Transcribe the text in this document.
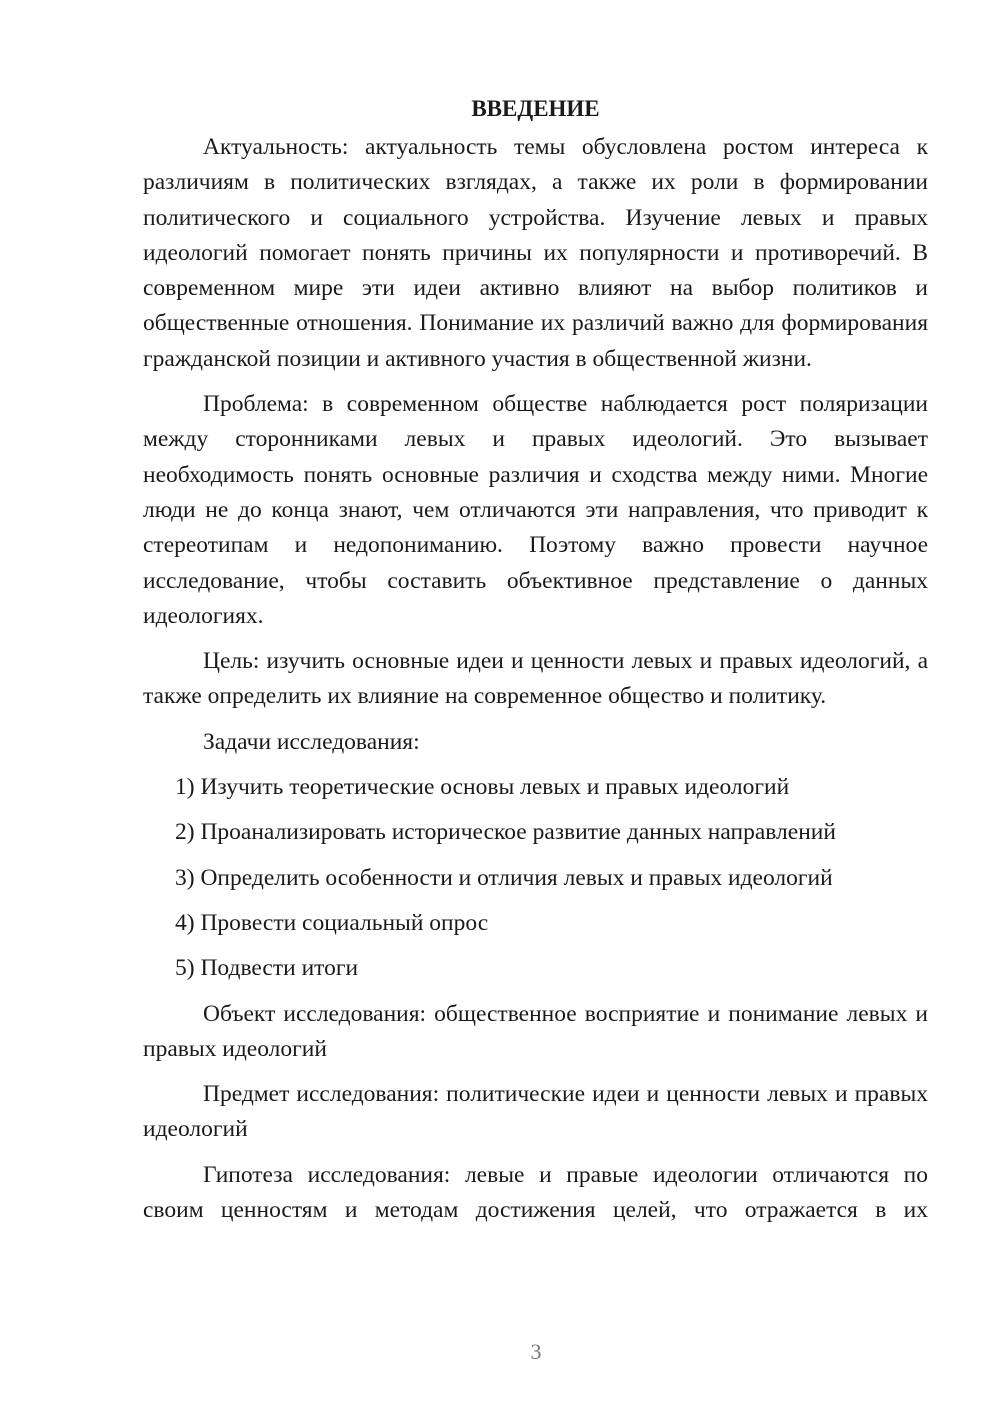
ВВЕДЕНИЕ

Актуальность: актуальность темы обусловлена ростом интереса к различиям в политических взглядах, а также их роли в формировании политического и социального устройства. Изучение левых и правых идеологий помогает понять причины их популярности и противоречий. В современном мире эти идеи активно влияют на выбор политиков и общественные отношения. Понимание их различий важно для формирования гражданской позиции и активного участия в общественной жизни.

Проблема: в современном обществе наблюдается рост поляризации между сторонниками левых и правых идеологий. Это вызывает необходимость понять основные различия и сходства между ними. Многие люди не до конца знают, чем отличаются эти направления, что приводит к стереотипам и недопониманию. Поэтому важно провести научное исследование, чтобы составить объективное представление о данных идеологиях.

Цель: изучить основные идеи и ценности левых и правых идеологий, а также определить их влияние на современное общество и политику.

Задачи исследования:

1) Изучить теоретические основы левых и правых идеологий
2) Проанализировать историческое развитие данных направлений
3) Определить особенности и отличия левых и правых идеологий
4) Провести социальный опрос
5) Подвести итоги

Объект исследования: общественное восприятие и понимание левых и правых идеологий

Предмет исследования: политические идеи и ценности левых и правых идеологий

Гипотеза исследования: левые и правые идеологии отличаются по своим ценностям и методам достижения целей, что отражается в их

3
